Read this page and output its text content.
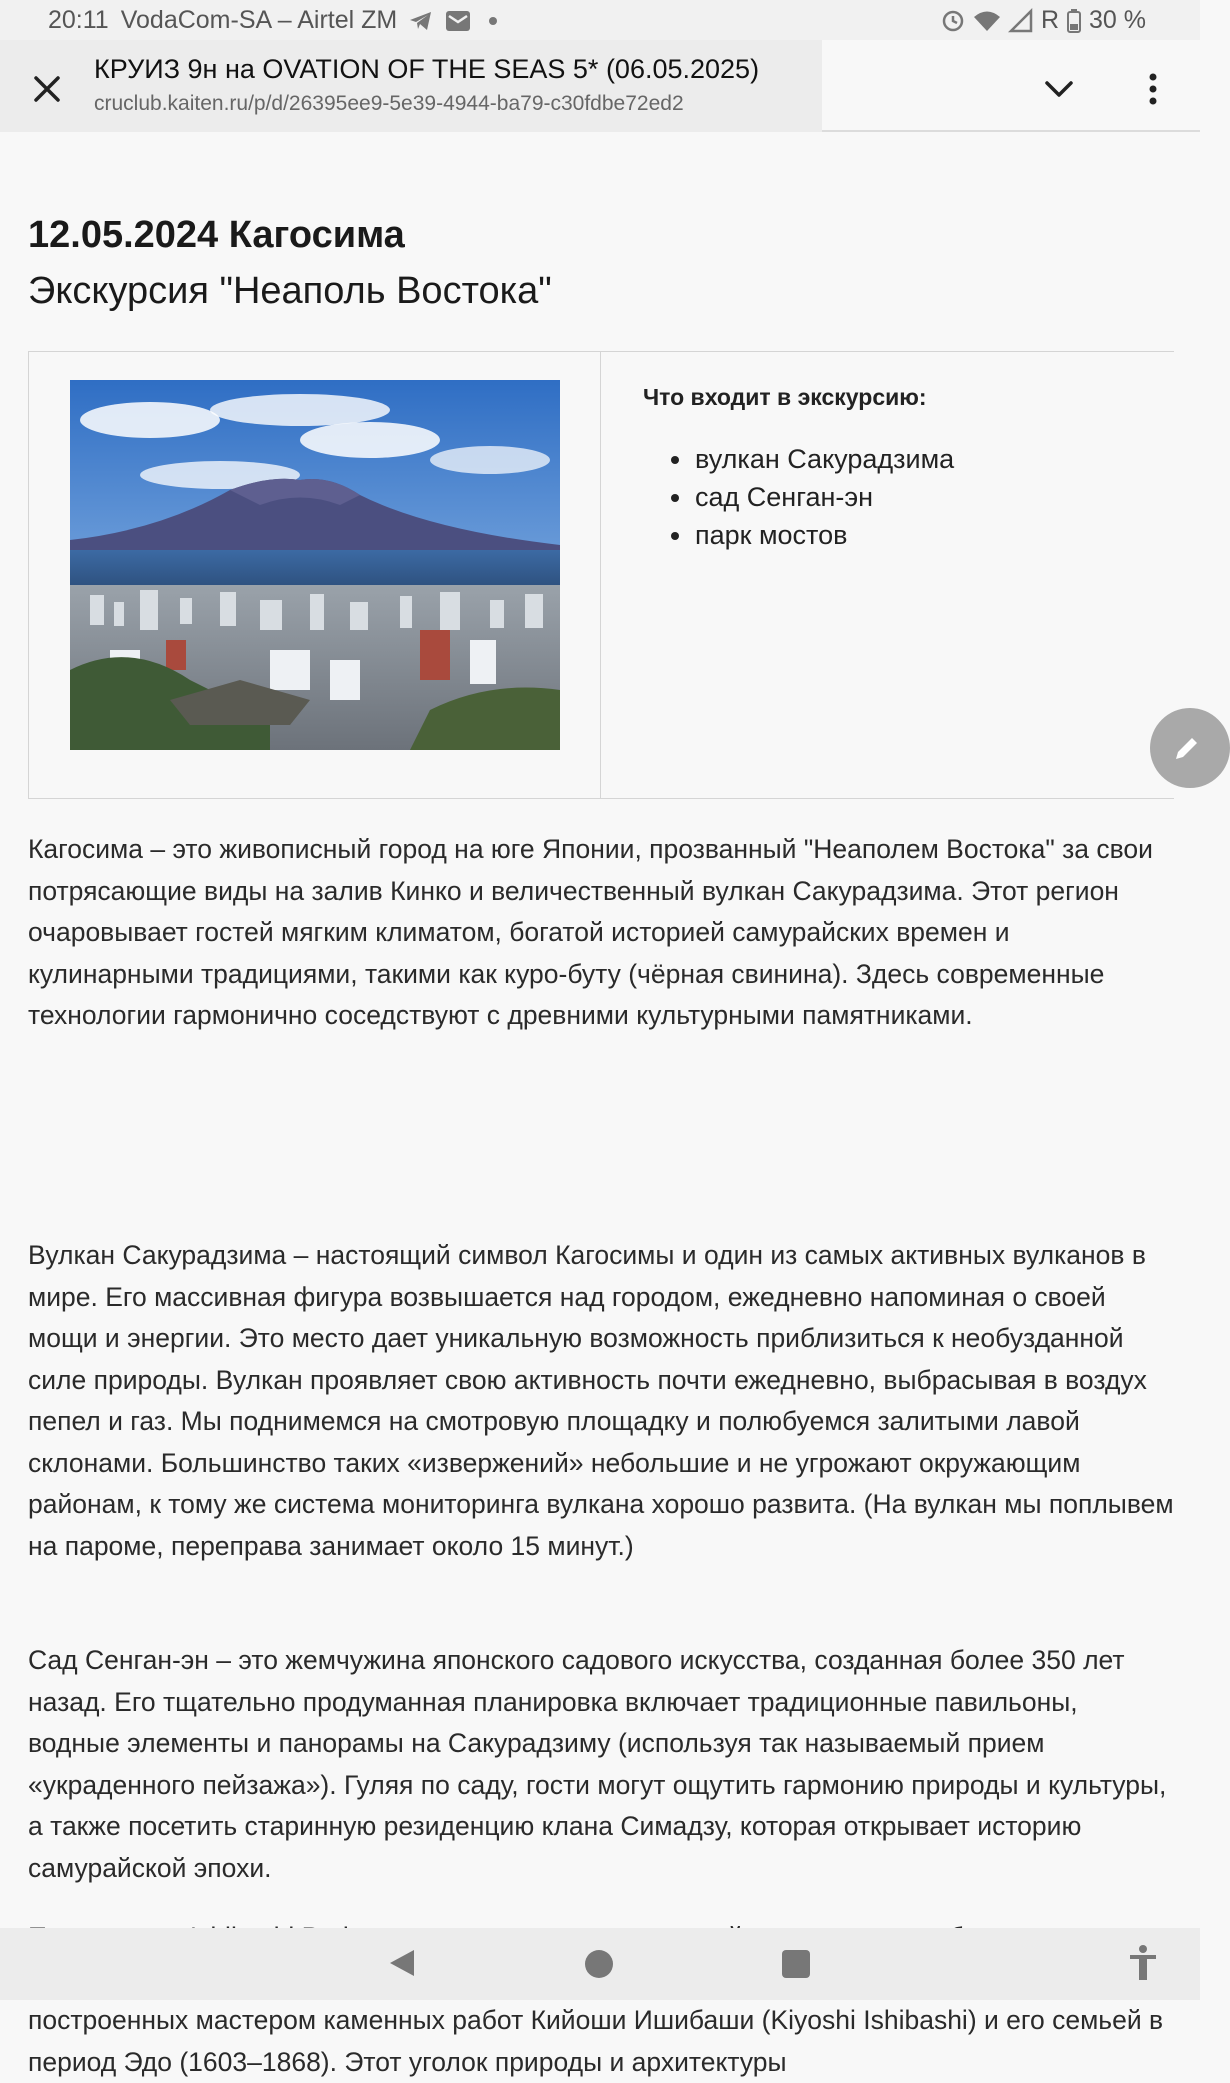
20:11 VodaCom-SA – Airtel ZM	R 30 %
КРУИЗ 9н на OVATION OF THE SEAS 5* (06.05.2025)
cruclub.kaiten.ru/p/d/26395ee9-5e39-4944-ba79-c30fdbe72ed2
12.05.2024 Кагосима
Экскурсия "Неаполь Востока"
Что входит в экскурсию:
вулкан Сакурадзима
сад Сенган-эн
парк мостов

Кагосима – это живописный город на юге Японии, прозванный "Неаполем Востока" за свои потрясающие виды на залив Кинко и величественный вулкан Сакурадзима. Этот регион очаровывает гостей мягким климатом, богатой историей самурайских времен и кулинарными традициями, такими как куро-буту (чёрная свинина). Здесь современные технологии гармонично соседствуют с древними культурными памятниками.

Вулкан Сакурадзима – настоящий символ Кагосимы и один из самых активных вулканов в мире. Его массивная фигура возвышается над городом, ежедневно напоминая о своей мощи и энергии. Это место дает уникальную возможность приблизиться к необузданной силе природы. Вулкан проявляет свою активность почти ежедневно, выбрасывая в воздух пепел и газ. Мы поднимемся на смотровую площадку и полюбуемся залитыми лавой склонами. Большинство таких «извержений» небольшие и не угрожают окружающим районам, к тому же система мониторинга вулкана хорошо развита. (На вулкан мы поплывем на пароме, переправа занимает около 15 минут.)

Сад Сенган-эн – это жемчужина японского садового искусства, созданная более 350 лет назад. Его тщательно продуманная планировка включает традиционные павильоны, водные элементы и панорамы на Сакурадзиму (используя так называемый прием «украденного пейзажа»). Гуляя по саду, гости могут ощутить гармонию природы и культуры, а также посетить старинную резиденцию клана Симадзу, которая открывает историю самурайской эпохи.

построенных мастером каменных работ Кийоши Ишибаши (Kiyoshi Ishibashi) и его семьей в период Эдо (1603–1868). Этот уголок природы и архитектуры
